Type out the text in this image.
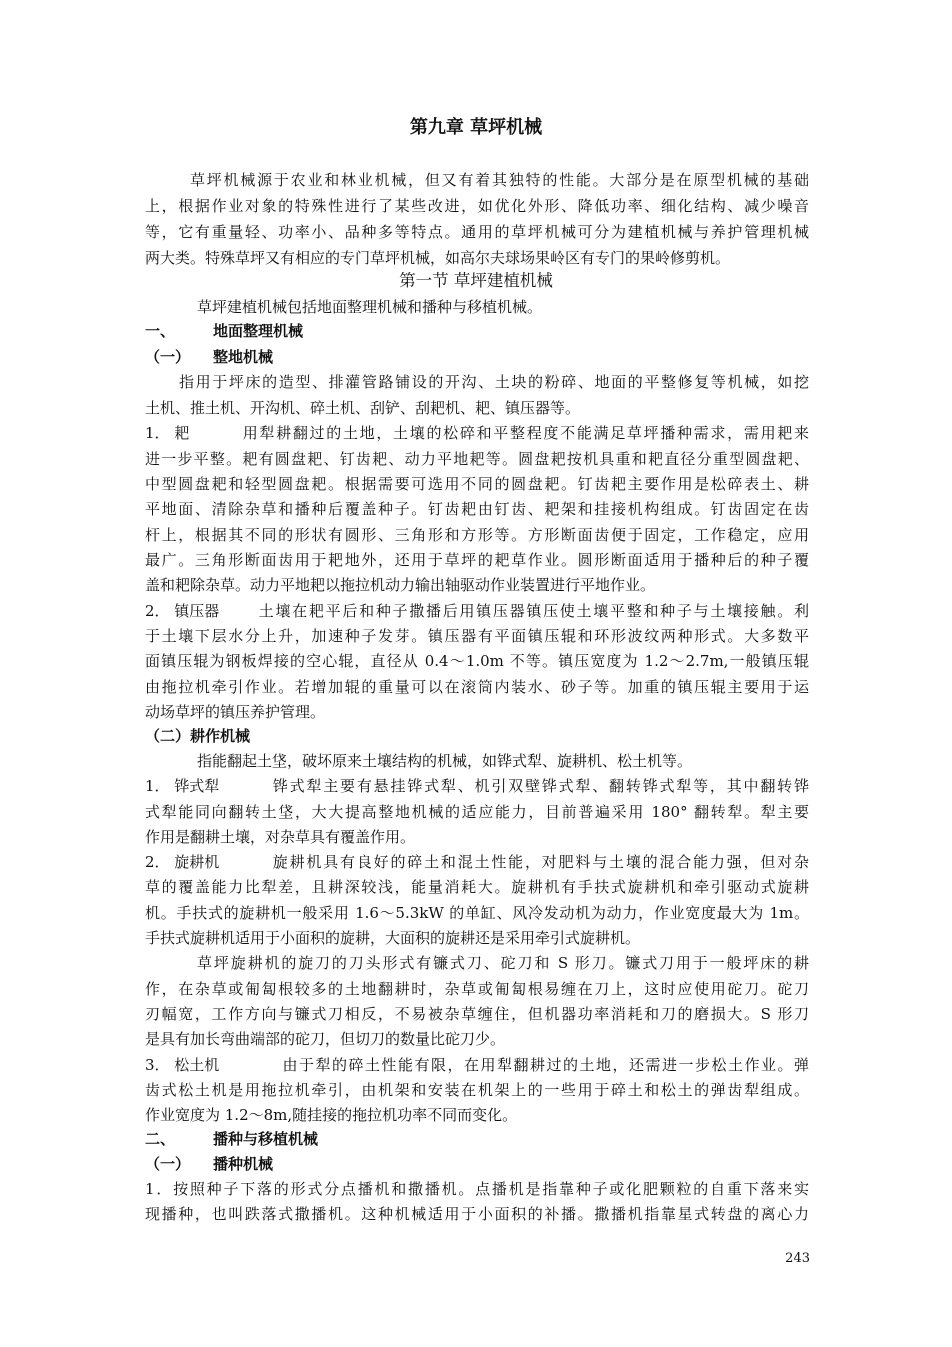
第九章 草坪机械
草坪机械源于农业和林业机械，但又有着其独特的性能。大部分是在原型机械的基础
上，根据作业对象的特殊性进行了某些改进，如优化外形、降低功率、细化结构、减少噪音
等，它有重量轻、功率小、品种多等特点。通用的草坪机械可分为建植机械与养护管理机械
两大类。特殊草坪又有相应的专门草坪机械，如高尔夫球场果岭区有专门的果岭修剪机。
第一节 草坪建植机械
草坪建植机械包括地面整理机械和播种与移植机械。
一、	地面整理机械
（一） 整地机械
指用于坪床的造型、排灌管路铺设的开沟、土块的粉碎、地面的平整修复等机械，如挖
土机、推土机、开沟机、碎土机、刮铲、刮耙机、耙、镇压器等。
1． 耙	用犁耕翻过的土地，土壤的松碎和平整程度不能满足草坪播种需求，需用耙来
进一步平整。耙有圆盘耙、钉齿耙、动力平地耙等。圆盘耙按机具重和耙直径分重型圆盘耙、
中型圆盘耙和轻型圆盘耙。根据需要可选用不同的圆盘耙。钉齿耙主要作用是松碎表土、耕
平地面、清除杂草和播种后覆盖种子。钉齿耙由钉齿、耙架和挂接机构组成。钉齿固定在齿
杆上，根据其不同的形状有圆形、三角形和方形等。方形断面齿便于固定，工作稳定，应用
最广。三角形断面齿用于耙地外，还用于草坪的耙草作业。圆形断面适用于播种后的种子覆
盖和耙除杂草。动力平地耙以拖拉机动力输出轴驱动作业装置进行平地作业。
2． 镇压器	土壤在耙平后和种子撒播后用镇压器镇压使土壤平整和种子与土壤接触。利
于土壤下层水分上升，加速种子发芽。镇压器有平面镇压辊和环形波纹两种形式。大多数平
面镇压辊为钢板焊接的空心辊，直径从 0.4～1.0m 不等。镇压宽度为 1.2～2.7m,一般镇压辊
由拖拉机牵引作业。若增加辊的重量可以在滚筒内装水、砂子等。加重的镇压辊主要用于运
动场草坪的镇压养护管理。
（二）耕作机械
指能翻起土垡，破坏原来土壤结构的机械，如铧式犁、旋耕机、松土机等。
1． 铧式犁	铧式犁主要有悬挂铧式犁、机引双壁铧式犁、翻转铧式犁等，其中翻转铧
式犁能同向翻转土垡，大大提高整地机械的适应能力，目前普遍采用 180° 翻转犁。犁主要
作用是翻耕土壤，对杂草具有覆盖作用。
2． 旋耕机	旋耕机具有良好的碎土和混土性能，对肥料与土壤的混合能力强，但对杂
草的覆盖能力比犁差，且耕深较浅，能量消耗大。旋耕机有手扶式旋耕机和牵引驱动式旋耕
机。手扶式的旋耕机一般采用 1.6～5.3kW 的单缸、风冷发动机为动力，作业宽度最大为 1m。
手扶式旋耕机适用于小面积的旋耕，大面积的旋耕还是采用牵引式旋耕机。
草坪旋耕机的旋刀的刀头形式有镰式刀、砣刀和 S 形刀。镰式刀用于一般坪床的耕
作，在杂草或匍匐根较多的土地翻耕时，杂草或匍匐根易缠在刀上，这时应使用砣刀。砣刀
刃幅宽，工作方向与镰式刀相反，不易被杂草缠住，但机器功率消耗和刀的磨损大。S 形刀
是具有加长弯曲端部的砣刀，但切刀的数量比砣刀少。
3． 松土机	由于犁的碎土性能有限，在用犁翻耕过的土地，还需进一步松土作业。弹
齿式松土机是用拖拉机牵引，由机架和安装在机架上的一些用于碎土和松土的弹齿犁组成。
作业宽度为 1.2～8m,随挂接的拖拉机功率不同而变化。
二、	播种与移植机械
（一） 播种机械
1．按照种子下落的形式分点播机和撒播机。点播机是指靠种子或化肥颗粒的自重下落来实
现播种，也叫跌落式撒播机。这种机械适用于小面积的补播。撒播机指靠星式转盘的离心力
243
